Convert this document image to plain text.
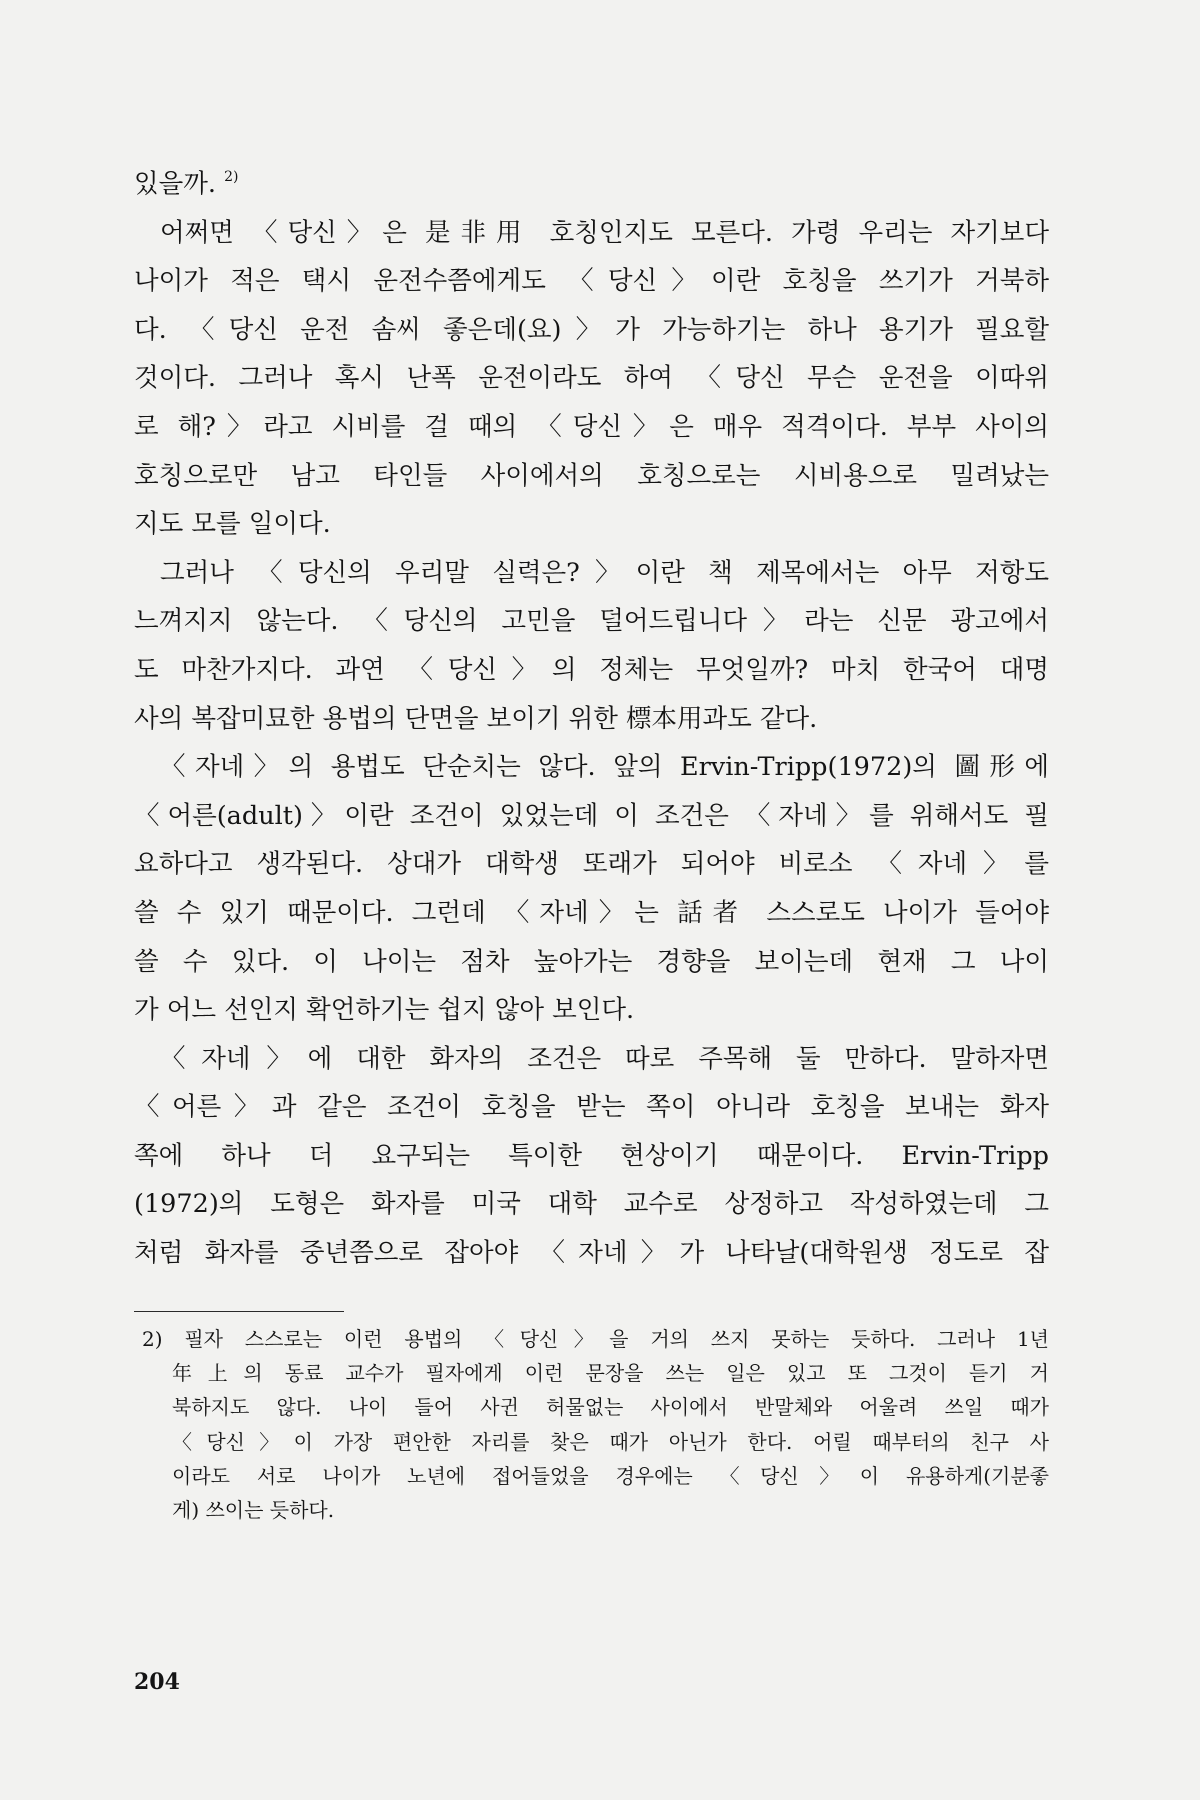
있을까. $^{2)}$
어쩌면 〈당신〉은 是非用 호칭인지도 모른다. 가령 우리는 자기보다
나이가 적은 택시 운전수쯤에게도 〈당신〉이란 호칭을 쓰기가 거북하
다. 〈당신 운전 솜씨 좋은데(요)〉가 가능하기는 하나 용기가 필요할
것이다. 그러나 혹시 난폭 운전이라도 하여 〈당신 무슨 운전을 이따위
로 해?〉라고 시비를 걸 때의 〈당신〉은 매우 적격이다. 부부 사이의
호칭으로만 남고 타인들 사이에서의 호칭으로는 시비용으로 밀려났는
지도 모를 일이다.
그러나 〈당신의 우리말 실력은?〉이란 책 제목에서는 아무 저항도
느껴지지 않는다. 〈당신의 고민을 덜어드립니다〉라는 신문 광고에서
도 마찬가지다. 과연 〈당신〉의 정체는 무엇일까? 마치 한국어 대명
사의 복잡미묘한 용법의 단면을 보이기 위한 標本用과도 같다.
〈자네〉의 용법도 단순치는 않다. 앞의 Ervin-Tripp(1972)의 圖形에
〈어른(adult)〉이란 조건이 있었는데 이 조건은 〈자네〉를 위해서도 필
요하다고 생각된다. 상대가 대학생 또래가 되어야 비로소 〈자네〉를
쓸 수 있기 때문이다. 그런데 〈자네〉는 話者 스스로도 나이가 들어야
쓸 수 있다. 이 나이는 점차 높아가는 경향을 보이는데 현재 그 나이
가 어느 선인지 확언하기는 쉽지 않아 보인다.
〈자네〉에 대한 화자의 조건은 따로 주목해 둘 만하다. 말하자면
〈어른〉과 같은 조건이 호칭을 받는 쪽이 아니라 호칭을 보내는 화자
쪽에 하나 더 요구되는 특이한 현상이기 때문이다. Ervin-Tripp
(1972)의 도형은 화자를 미국 대학 교수로 상정하고 작성하였는데 그
처럼 화자를 중년쯤으로 잡아야 〈자네〉가 나타날(대학원생 정도로 잡
2) 필자 스스로는 이런 용법의 〈당신〉을 거의 쓰지 못하는 듯하다. 그러나 1년
年上의 동료 교수가 필자에게 이런 문장을 쓰는 일은 있고 또 그것이 듣기 거
북하지도 않다. 나이 들어 사귄 허물없는 사이에서 반말체와 어울려 쓰일 때가
〈당신〉이 가장 편안한 자리를 찾은 때가 아닌가 한다. 어릴 때부터의 친구 사
이라도 서로 나이가 노년에 접어들었을 경우에는 〈당신〉이 유용하게(기분좋
게) 쓰이는 듯하다.
204
